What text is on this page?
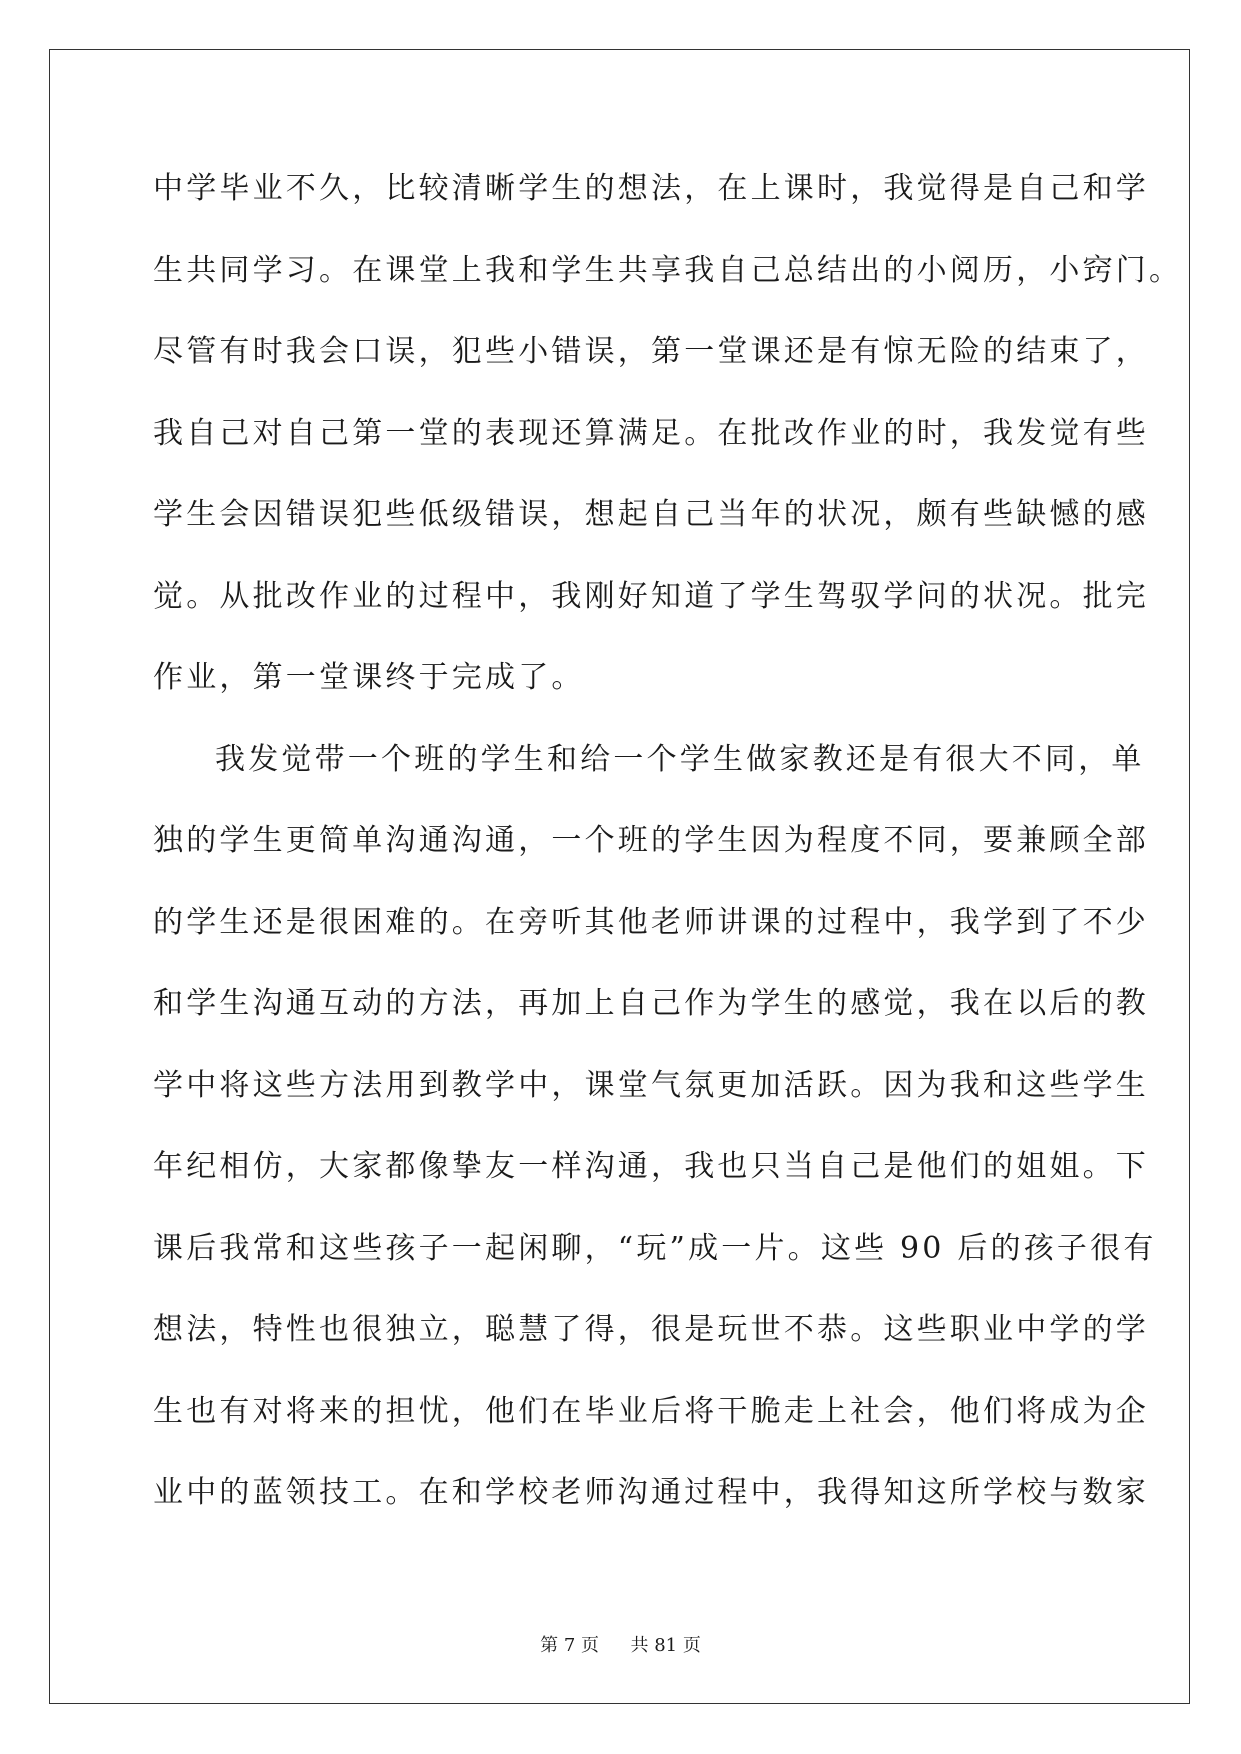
中学毕业不久，比较清晰学生的想法，在上课时，我觉得是自己和学
生共同学习。在课堂上我和学生共享我自己总结出的小阅历，小窍门。
尽管有时我会口误，犯些小错误，第一堂课还是有惊无险的结束了，
我自己对自己第一堂的表现还算满足。在批改作业的时，我发觉有些
学生会因错误犯些低级错误，想起自己当年的状况，颇有些缺憾的感
觉。从批改作业的过程中，我刚好知道了学生驾驭学问的状况。批完
作业，第一堂课终于完成了。
我发觉带一个班的学生和给一个学生做家教还是有很大不同，单
独的学生更简单沟通沟通，一个班的学生因为程度不同，要兼顾全部
的学生还是很困难的。在旁听其他老师讲课的过程中，我学到了不少
和学生沟通互动的方法，再加上自己作为学生的感觉，我在以后的教
学中将这些方法用到教学中，课堂气氛更加活跃。因为我和这些学生
年纪相仿，大家都像挚友一样沟通，我也只当自己是他们的姐姐。下
课后我常和这些孩子一起闲聊，“玩”成一片。这些 90 后的孩子很有
想法，特性也很独立，聪慧了得，很是玩世不恭。这些职业中学的学
生也有对将来的担忧，他们在毕业后将干脆走上社会，他们将成为企
业中的蓝领技工。在和学校老师沟通过程中，我得知这所学校与数家
第 7 页 共 81 页
